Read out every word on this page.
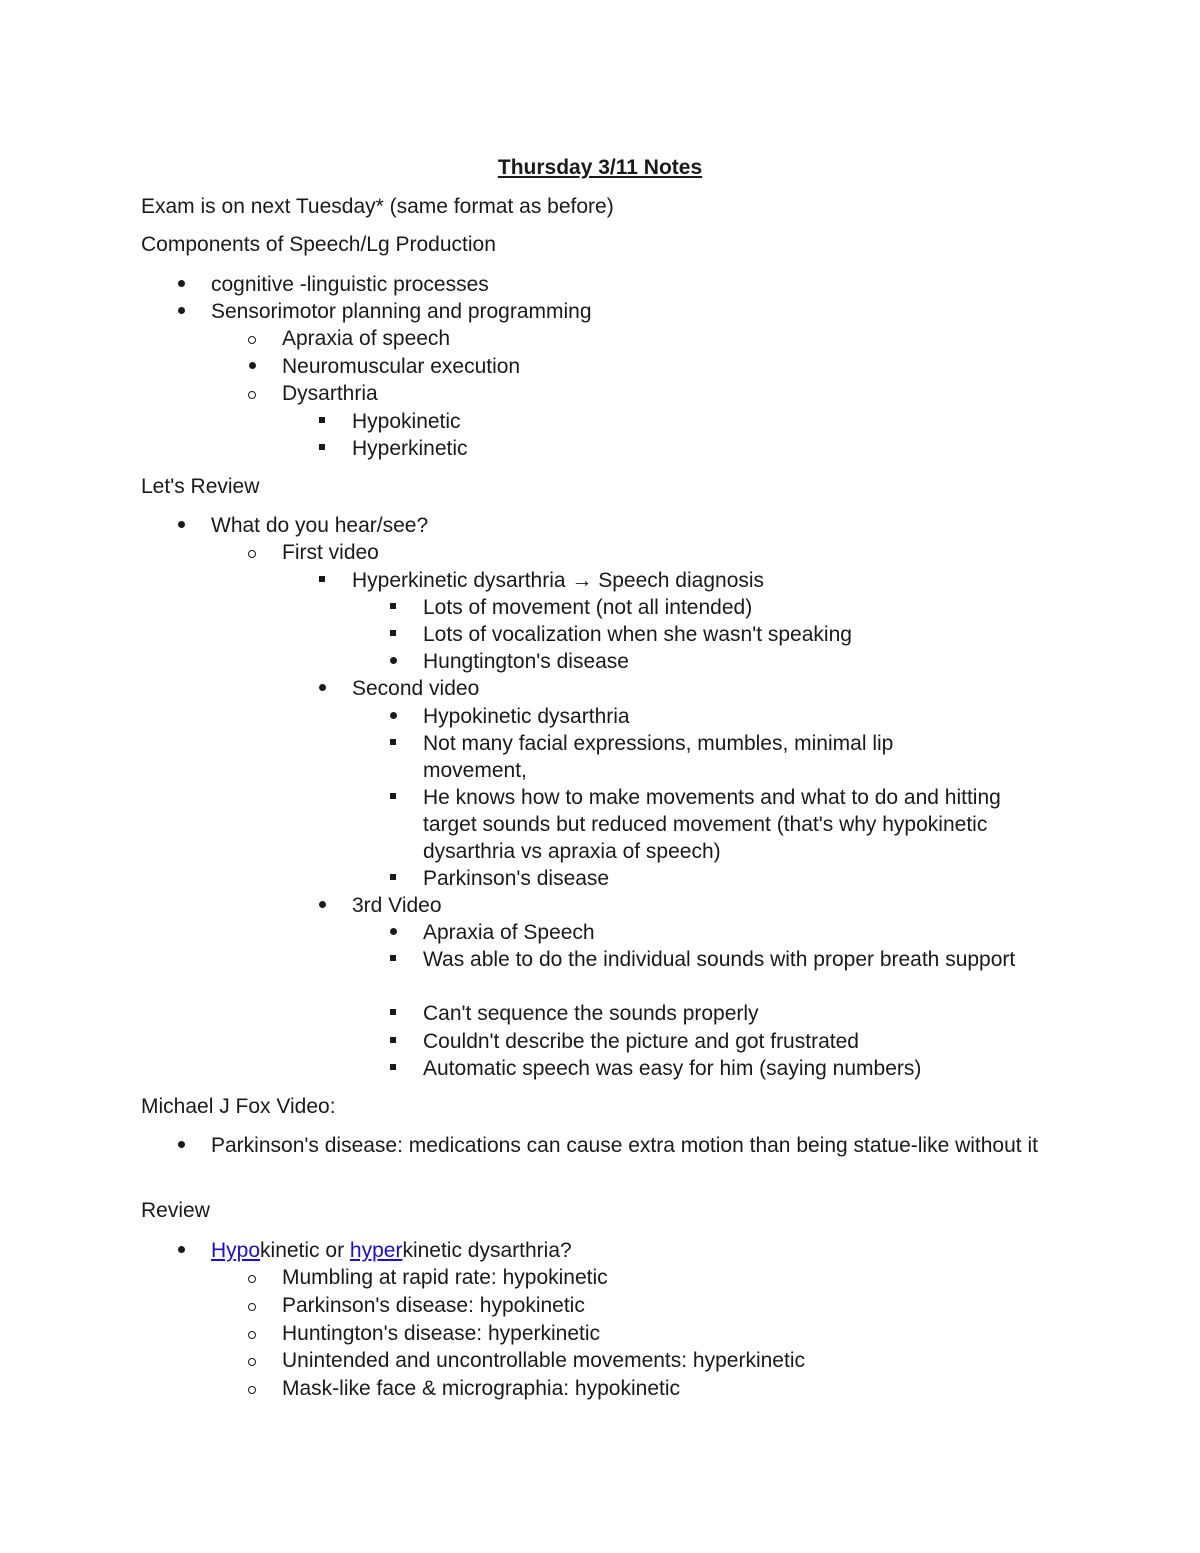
Thursday 3/11 Notes
Exam is on next Tuesday* (same format as before)
Components of Speech/Lg Production
cognitive -linguistic processes
Sensorimotor planning and programming
Apraxia of speech
Neuromuscular execution
Dysarthria
Hypokinetic
Hyperkinetic
Let's Review
What do you hear/see?
First video
Hyperkinetic dysarthria → Speech diagnosis
Lots of movement (not all intended)
Lots of vocalization when she wasn't speaking
Hungtington's disease
Second video
Hypokinetic dysarthria
Not many facial expressions, mumbles, minimal lip movement,
He knows how to make movements and what to do and hitting target sounds but reduced movement (that's why hypokinetic dysarthria vs apraxia of speech)
Parkinson's disease
3rd Video
Apraxia of Speech
Was able to do the individual sounds with proper breath support
Can't sequence the sounds properly
Couldn't describe the picture and got frustrated
Automatic speech was easy for him (saying numbers)
Michael J Fox Video:
Parkinson's disease: medications can cause extra motion than being statue-like without it
Review
Hypokinetic or hyperkinetic dysarthria?
Mumbling at rapid rate: hypokinetic
Parkinson's disease: hypokinetic
Huntington's disease: hyperkinetic
Unintended and uncontrollable movements: hyperkinetic
Mask-like face & micrographia: hypokinetic
